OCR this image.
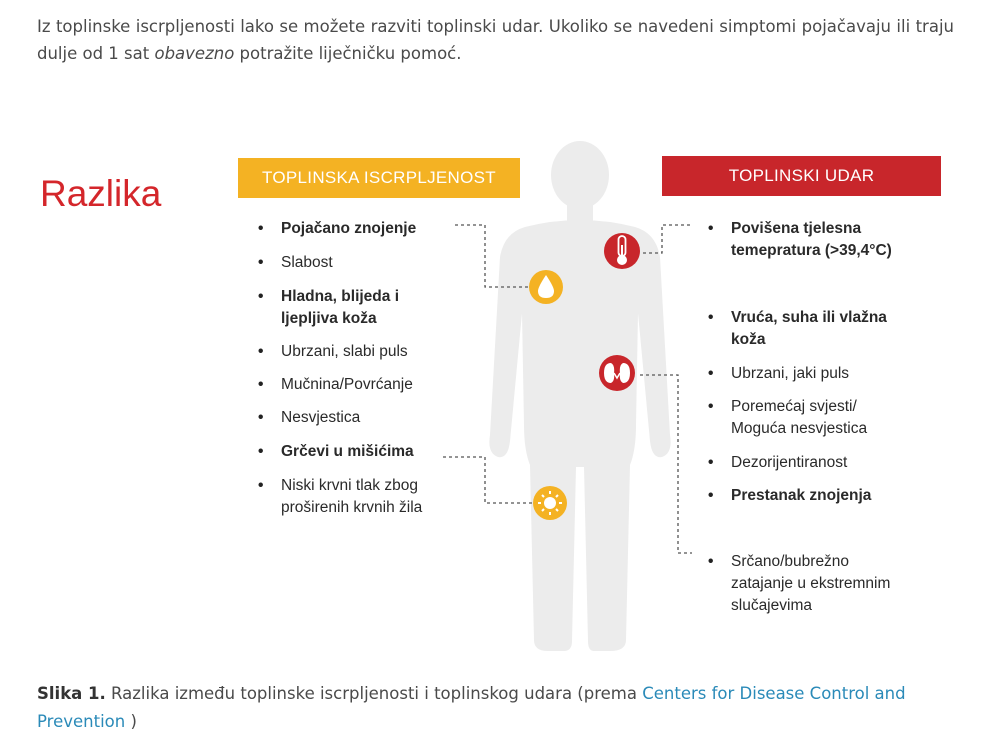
Iz toplinske iscrpljenosti lako se možete razviti toplinski udar. Ukoliko se navedeni simptomi pojačavaju ili traju dulje od 1 sat obavezno potražite liječničku pomoć.

Razlika	TOPLINSKA ISCRPLJENOST	TOPLINSKI UDAR
• Pojačano znojenje
• Slabost
• Hladna, blijeda i
ljepljiva koža
• Ubrzani, slabi puls
• Mučnina/Povrćanje
• Nesvjestica
• Grčevi u mišićima
• Niski krvni tlak zbog
proširenih krvnih žila
• Povišena tjelesna
temepratura (>39,4°C)
• Vruća, suha ili vlažna
koža
• Ubrzani, jaki puls
• Poremećaj svjesti/
Moguća nesvjestica
• Dezorijentiranost
• Prestanak znojenja
• Srčano/bubrežno
zatajanje u ekstremnim
slučajevima

Slika 1. Razlika između toplinske iscrpljenosti i toplinskog udara (prema Centers for Disease Control and Prevention )
